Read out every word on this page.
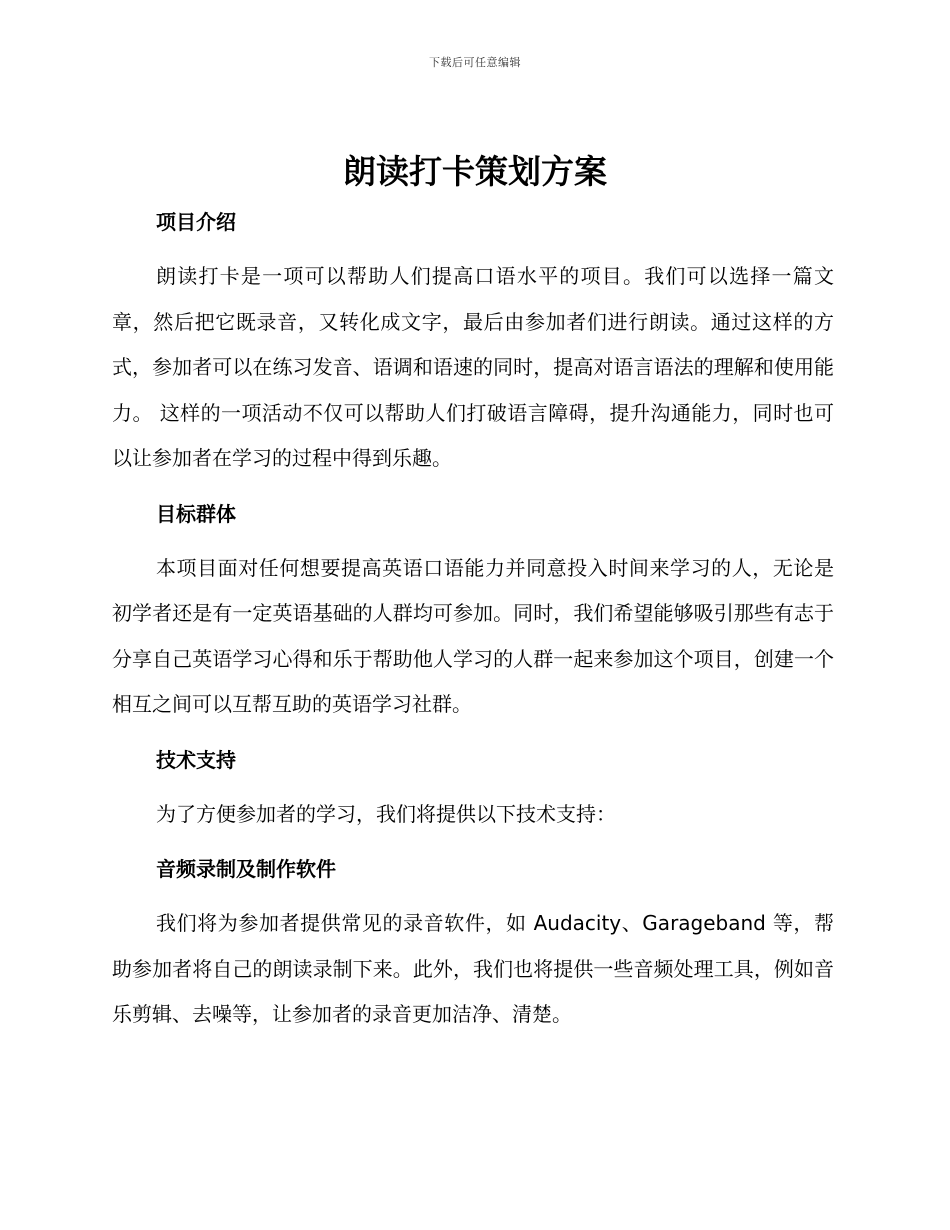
下载后可任意编辑
朗读打卡策划方案
项目介绍

朗读打卡是一项可以帮助人们提高口语水平的项目。我们可以选择一篇文章，然后把它既录音，又转化成文字，最后由参加者们进行朗读。通过这样的方式，参加者可以在练习发音、语调和语速的同时，提高对语言语法的理解和使用能力。 这样的一项活动不仅可以帮助人们打破语言障碍，提升沟通能力，同时也可以让参加者在学习的过程中得到乐趣。

目标群体

本项目面对任何想要提高英语口语能力并同意投入时间来学习的人，无论是初学者还是有一定英语基础的人群均可参加。同时，我们希望能够吸引那些有志于分享自己英语学习心得和乐于帮助他人学习的人群一起来参加这个项目，创建一个相互之间可以互帮互助的英语学习社群。

技术支持

为了方便参加者的学习，我们将提供以下技术支持：

音频录制及制作软件

我们将为参加者提供常见的录音软件，如 Audacity、Garageband 等，帮助参加者将自己的朗读录制下来。此外，我们也将提供一些音频处理工具，例如音乐剪辑、去噪等，让参加者的录音更加洁净、清楚。
